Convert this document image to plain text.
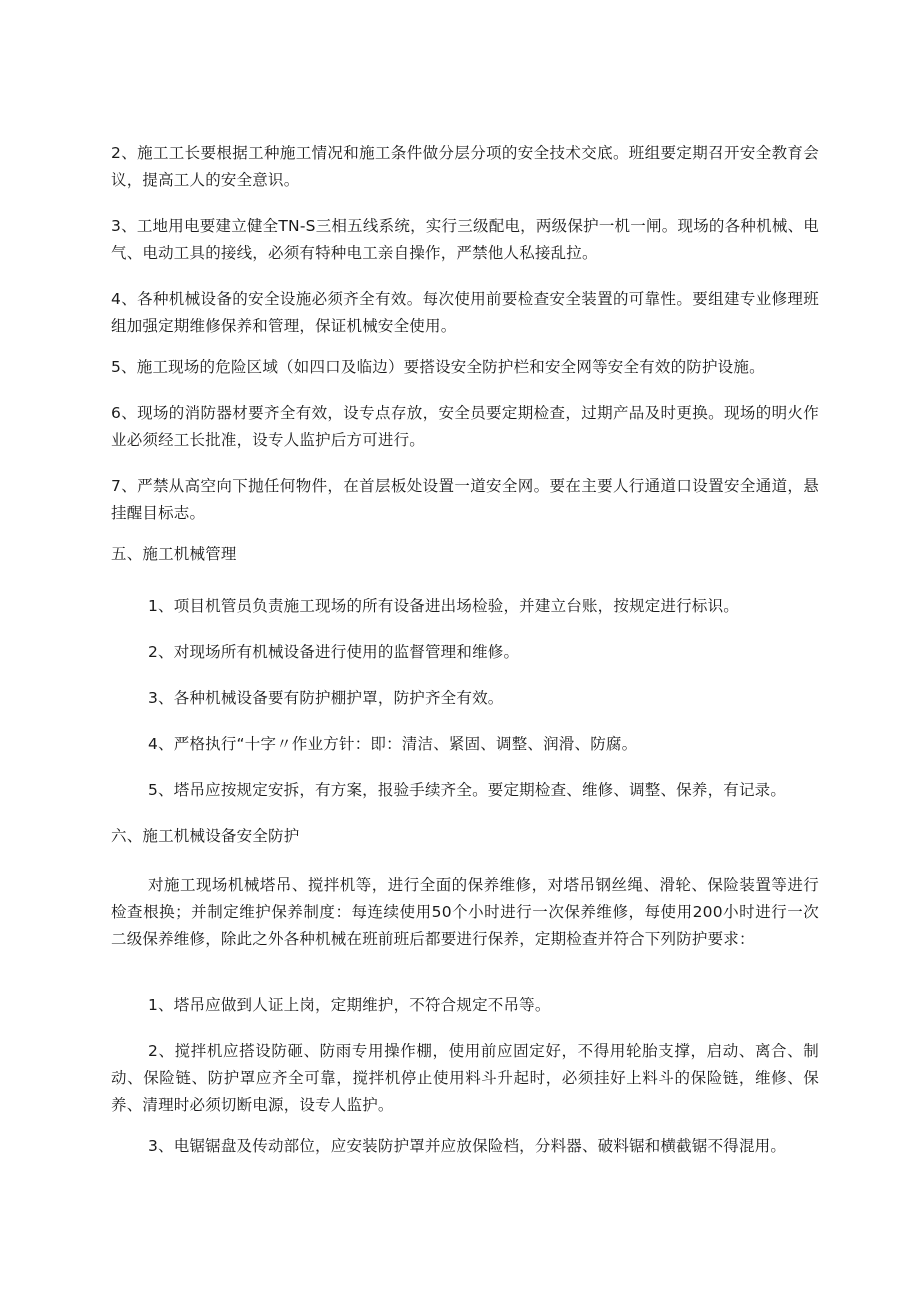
2、施工工长要根据工种施工情况和施工条件做分层分项的安全技术交底。班组要定期召开安全教育会议，提高工人的安全意识。

3、工地用电要建立健全TN-S三相五线系统，实行三级配电，两级保护一机一闸。现场的各种机械、电气、电动工具的接线，必须有特种电工亲自操作，严禁他人私接乱拉。

4、各种机械设备的安全设施必须齐全有效。每次使用前要检查安全装置的可靠性。要组建专业修理班组加强定期维修保养和管理，保证机械安全使用。

5、施工现场的危险区域（如四口及临边）要搭设安全防护栏和安全网等安全有效的防护设施。

6、现场的消防器材要齐全有效，设专点存放，安全员要定期检查，过期产品及时更换。现场的明火作业必须经工长批准，设专人监护后方可进行。

7、严禁从高空向下抛任何物件，在首层板处设置一道安全网。要在主要人行通道口设置安全通道，悬挂醒目标志。

五、施工机械管理

1、项目机管员负责施工现场的所有设备进出场检验，并建立台账，按规定进行标识。

2、对现场所有机械设备进行使用的监督管理和维修。

3、各种机械设备要有防护棚护罩，防护齐全有效。

4、严格执行“十字〃作业方针：即：清洁、紧固、调整、润滑、防腐。

5、塔吊应按规定安拆，有方案，报验手续齐全。要定期检查、维修、调整、保养，有记录。

六、施工机械设备安全防护

对施工现场机械塔吊、搅拌机等，进行全面的保养维修，对塔吊钢丝绳、滑轮、保险装置等进行检查根换；并制定维护保养制度：每连续使用50个小时进行一次保养维修，每使用200小时进行一次二级保养维修，除此之外各种机械在班前班后都要进行保养，定期检查并符合下列防护要求：

1、塔吊应做到人证上岗，定期维护，不符合规定不吊等。

2、搅拌机应搭设防砸、防雨专用操作棚，使用前应固定好，不得用轮胎支撑，启动、离合、制动、保险链、防护罩应齐全可靠，搅拌机停止使用料斗升起时，必须挂好上料斗的保险链，维修、保养、清理时必须切断电源，设专人监护。

3、电锯锯盘及传动部位，应安装防护罩并应放保险档，分料器、破料锯和横截锯不得混用。
